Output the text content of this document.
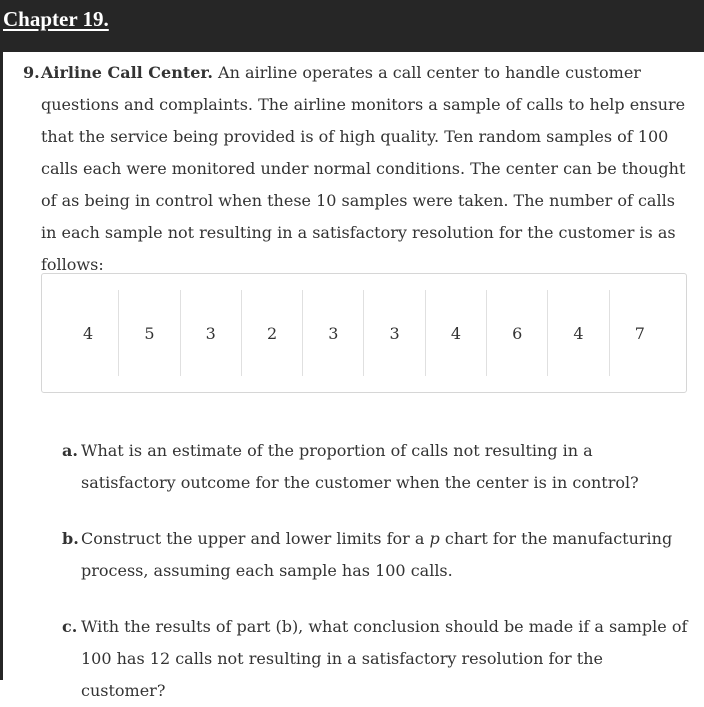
Chapter 19.
9. Airline Call Center. An airline operates a call center to handle customer questions and complaints. The airline monitors a sample of calls to help ensure that the service being provided is of high quality. Ten random samples of 100 calls each were monitored under normal conditions. The center can be thought of as being in control when these 10 samples were taken. The number of calls in each sample not resulting in a satisfactory resolution for the customer is as follows:
4	5	3	2	3	3	4	6	4	7
a. What is an estimate of the proportion of calls not resulting in a satisfactory outcome for the customer when the center is in control?
b. Construct the upper and lower limits for a p chart for the manufacturing process, assuming each sample has 100 calls.
c. With the results of part (b), what conclusion should be made if a sample of 100 has 12 calls not resulting in a satisfactory resolution for the customer?
